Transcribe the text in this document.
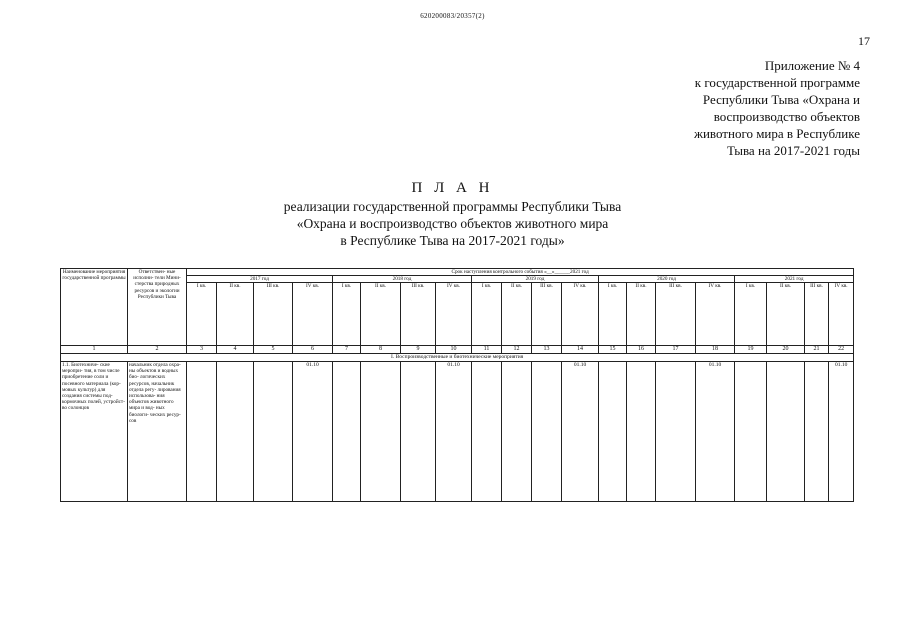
620200083/20357(2)
17
Приложение № 4
к государственной программе
Республики Тыва «Охрана и
воспроизводство объектов
животного мира в Республике
Тыва на 2017-2021 годы
П Л А Н
реализации государственной программы Республики Тыва
«Охрана и воспроизводство объектов животного мира
в Республике Тыва на 2017-2021 годы»
Наименование мероприятия государственной программы	Ответствен- ные исполни- тели Мини- стерства природных ресурсов и экологии Республики Тыва	Срок наступления контрольного события «__»______2021 год																			
		2017 год				2018 год				2019 год				2020 год				2021 год			
		I кв.	II кв.	III кв.	IV кв.	I кв.	II кв.	III кв.	IV кв.	I кв.	II кв.	III кв.	IV кв.	I кв.	II кв.	III кв.	IV кв.	I кв.	II кв.	III кв.	IV кв.
1	2	3	4	5	6	7	8	9	10	11	12	13	14	15	16	17	18	19	20	21	22
I. Воспроизводственные и биотехнические мероприятия																					
1.1. Биотехниче- ские меропри- тия, в том числе приобретение соли и посевного материала (кор- мовых культур) для создания системы под- кормочных полей, устройст- во солонцов	начальник отдела охра- ны объектов и водных био- логических ресурсов, начальник отдела регу- лирования использова- ния объектов животного мира и вод- ных биологи- ческих ресур- сов				01.10				01.10				01.10				01.10				01.10
